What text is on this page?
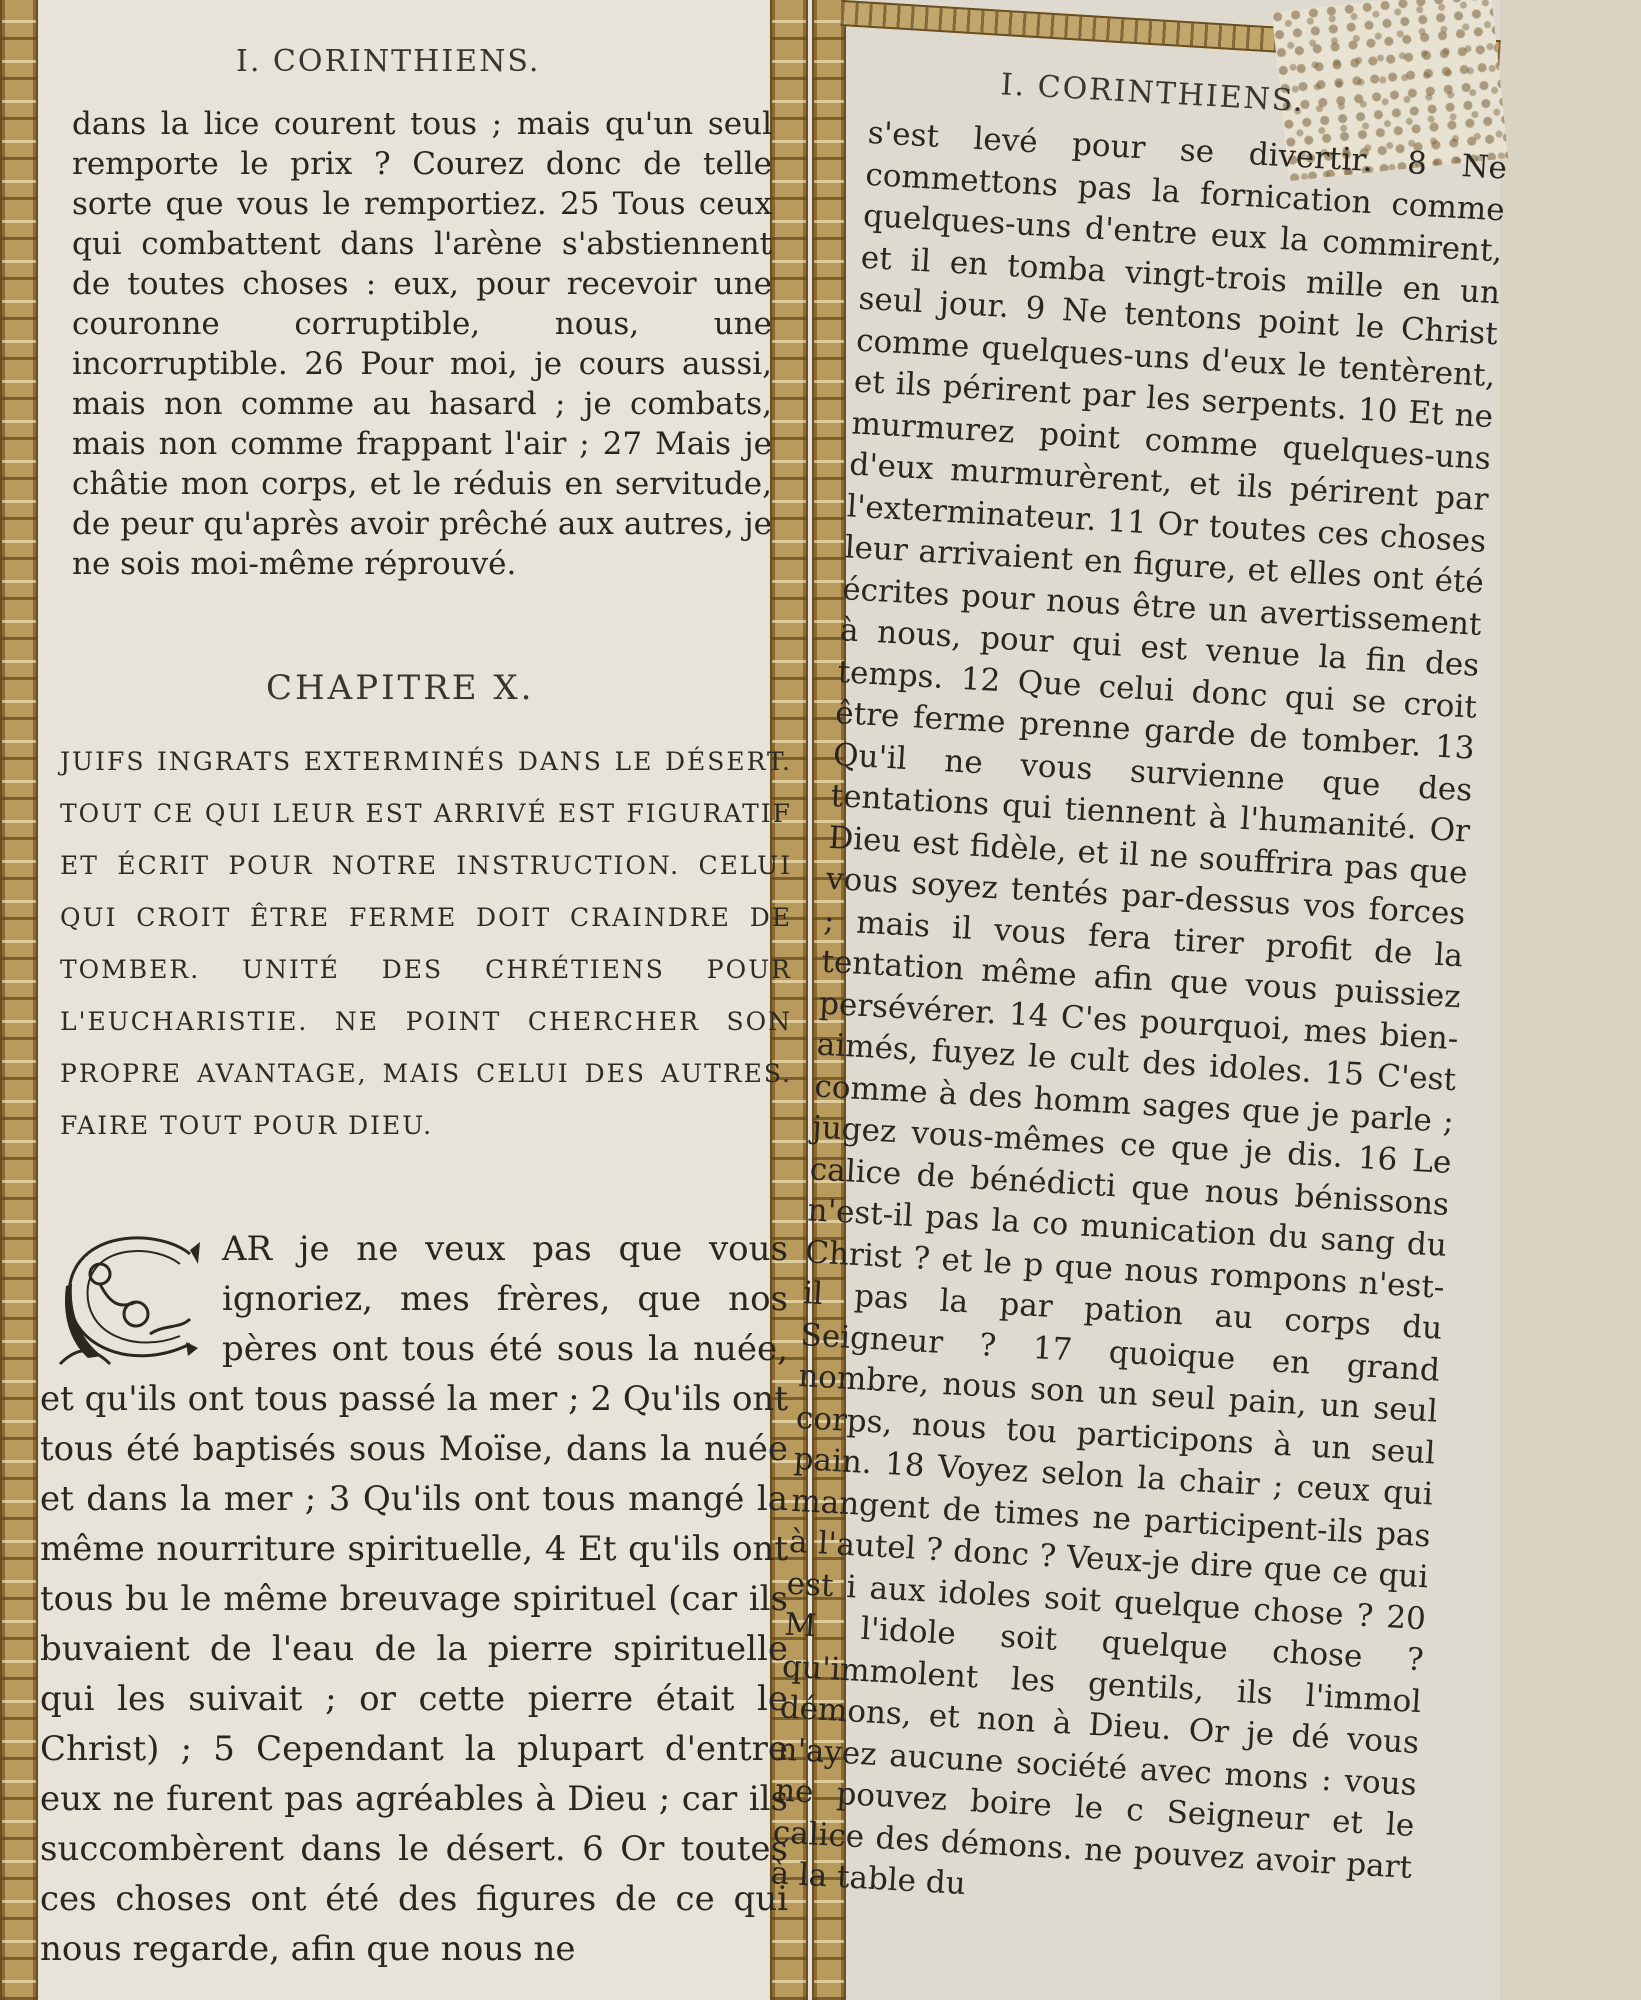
I. CORINTHIENS.

dans la lice courent tous ; mais qu'un seul remporte le prix ? Courez donc de telle sorte que vous le remportiez. 25 Tous ceux qui combattent dans l'arène s'abstiennent de toutes choses : eux, pour recevoir une couronne corruptible, nous, une incorruptible. 26 Pour moi, je cours aussi, mais non comme au hasard ; je combats, mais non comme frappant l'air ; 27 Mais je châtie mon corps, et le réduis en servitude, de peur qu'après avoir prêché aux autres, je ne sois moi-même réprouvé.

CHAPITRE X.
JUIFS INGRATS EXTERMINÉS DANS LE DÉSERT. TOUT CE QUI LEUR EST ARRIVÉ EST FIGURATIF ET ÉCRIT POUR NOTRE INSTRUCTION. CELUI QUI CROIT ÊTRE FERME DOIT CRAINDRE DE TOMBER. UNITÉ DES CHRÉTIENS POUR L'EUCHARISTIE. NE POINT CHERCHER SON PROPRE AVANTAGE, MAIS CELUI DES AUTRES. FAIRE TOUT POUR DIEU.

AR je ne veux pas que vous ignoriez, mes frères, que nos pères ont tous été sous la nuée, et qu'ils ont tous passé la mer ; 2 Qu'ils ont tous été baptisés sous Moïse, dans la nuée et dans la mer ; 3 Qu'ils ont tous mangé la même nourriture spirituelle, 4 Et qu'ils ont tous bu le même breuvage spirituel (car ils buvaient de l'eau de la pierre spirituelle qui les suivait ; or cette pierre était le Christ) ; 5 Cependant la plupart d'entre eux ne furent pas agréables à Dieu ; car ils succombèrent dans le désert. 6 Or toutes ces choses ont été des figures de ce qui nous regarde, afin que nous ne

I. CORINTHIENS.

s'est levé pour se divertir. 8 Ne commettons pas la fornication comme quelques-uns d'entre eux la commirent, et il en tomba vingt-trois mille en un seul jour. 9 Ne tentons point le Christ comme quelques-uns d'eux le tentèrent, et ils périrent par les serpents. 10 Et ne murmurez point comme quelques-uns d'eux murmurèrent, et ils périrent par l'exterminateur. 11 Or toutes ces choses leur arrivaient en figure, et elles ont été écrites pour nous être un avertissement à nous, pour qui est venue la fin des temps. 12 Que celui donc qui se croit être ferme prenne garde de tomber. 13 Qu'il ne vous survienne que des tentations qui tiennent à l'humanité. Or Dieu est fidèle, et il ne souffrira pas que vous soyez tentés par-dessus vos forces ; mais il vous fera tirer profit de la tentation même afin que vous puissiez persévérer. 14 C'es pourquoi, mes bien-aimés, fuyez le cult des idoles. 15 C'est comme à des homm sages que je parle ; jugez vous-mêmes ce que je dis. 16 Le calice de bénédicti que nous bénissons n'est-il pas la co munication du sang du Christ ? et le p que nous rompons n'est-il pas la par pation au corps du Seigneur ? 17 quoique en grand nombre, nous son un seul pain, un seul corps, nous tou participons à un seul pain. 18 Voyez selon la chair ; ceux qui mangent de times ne participent-ils pas à l'autel ? donc ? Veux-je dire que ce qui est i aux idoles soit quelque chose ? 20 M l'idole soit quelque chose ? qu'immolent les gentils, ils l'immol démons, et non à Dieu. Or je dé vous n'ayez aucune société avec mons : vous ne pouvez boire le c Seigneur et le calice des démons. ne pouvez avoir part à la table du
